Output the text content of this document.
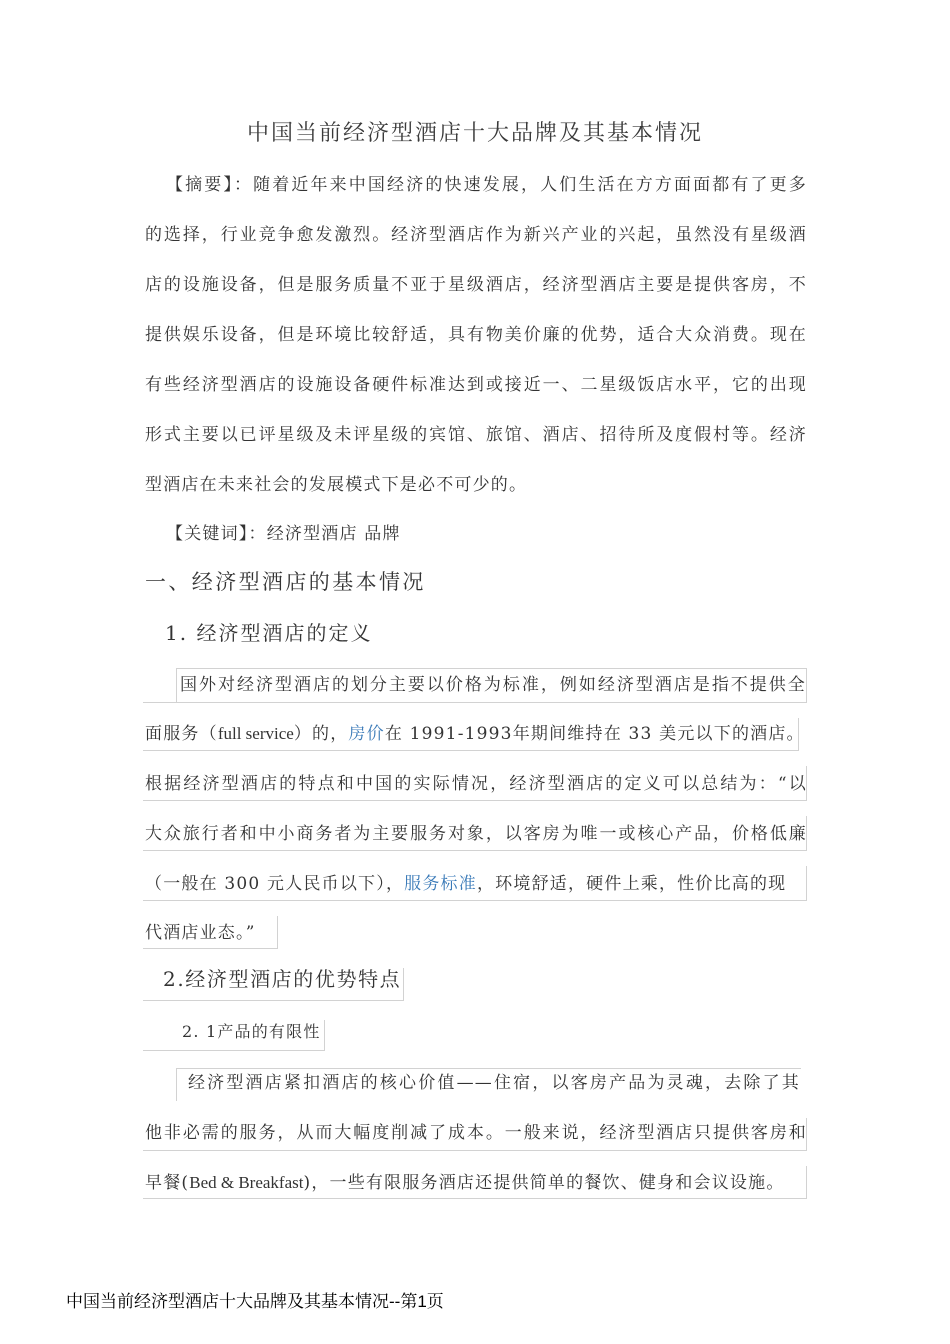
中国当前经济型酒店十大品牌及其基本情况
【摘要】：随着近年来中国经济的快速发展，人们生活在方方面面都有了更多
的选择，行业竞争愈发激烈。经济型酒店作为新兴产业的兴起，虽然没有星级酒
店的设施设备，但是服务质量不亚于星级酒店，经济型酒店主要是提供客房，不
提供娱乐设备，但是环境比较舒适，具有物美价廉的优势，适合大众消费。现在
有些经济型酒店的设施设备硬件标准达到或接近一、二星级饭店水平，它的出现
形式主要以已评星级及未评星级的宾馆、旅馆、酒店、招待所及度假村等。经济
型酒店在未来社会的发展模式下是必不可少的。
【关键词】：经济型酒店 品牌
一、经济型酒店的基本情况
1. 经济型酒店的定义
国外对经济型酒店的划分主要以价格为标准，例如经济型酒店是指不提供全
面服务（full service）的，房价在 1991-1993年期间维持在 33 美元以下的酒店。
根据经济型酒店的特点和中国的实际情况，经济型酒店的定义可以总结为：“以
大众旅行者和中小商务者为主要服务对象，以客房为唯一或核心产品，价格低廉
（一般在 300 元人民币以下），服务标准，环境舒适，硬件上乘，性价比高的现
代酒店业态。”
2.经济型酒店的优势特点
2. 1产品的有限性
经济型酒店紧扣酒店的核心价值——住宿，以客房产品为灵魂，去除了其
他非必需的服务，从而大幅度削减了成本。一般来说，经济型酒店只提供客房和
早餐(Bed & Breakfast)，一些有限服务酒店还提供简单的餐饮、健身和会议设施。
中国当前经济型酒店十大品牌及其基本情况--第1页
